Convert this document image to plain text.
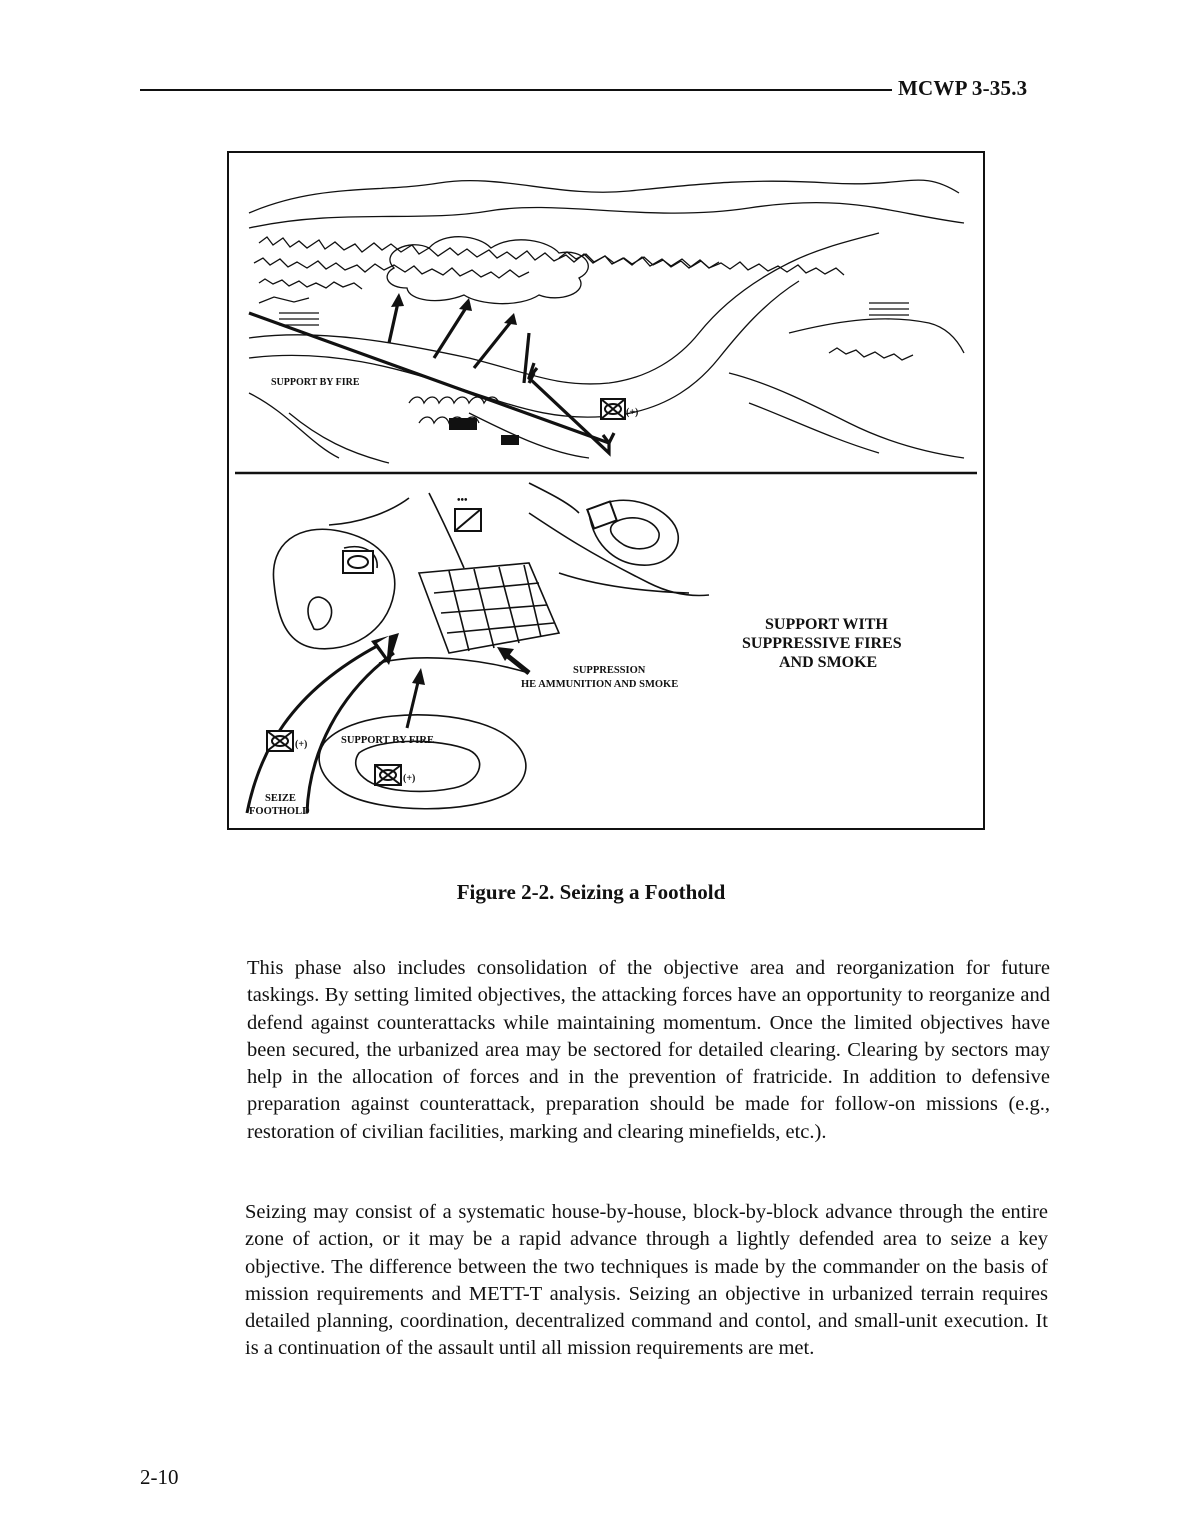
MCWP 3-35.3
(+)
SUPPORT BY FIRE
•••
(+)
(+)
SUPPORT BY FIRE
SUPPRESSION
HE AMMUNITION AND SMOKE
SUPPORT WITH
SUPPRESSIVE FIRES
AND SMOKE
SEIZE
FOOTHOLD
Figure 2-2. Seizing a Foothold
This phase also includes consolidation of the objective area and reorganization for future taskings. By setting limited objectives, the attacking forces have an opportunity to reorganize and defend against counterattacks while maintaining momentum. Once the limited objectives have been secured, the urbanized area may be sectored for detailed clearing. Clearing by sectors may help in the allocation of forces and in the prevention of fratricide. In addition to defensive preparation against counterattack, preparation should be made for follow-on missions (e.g., restoration of civilian facilities, marking and clearing minefields, etc.).
Seizing may consist of a systematic house-by-house, block-by-block advance through the entire zone of action, or it may be a rapid advance through a lightly defended area to seize a key objective. The difference between the two techniques is made by the commander on the basis of mission requirements and METT-T analysis. Seizing an objective in urbanized terrain requires detailed planning, coordination, decentralized command and contol, and small-unit execution. It is a continuation of the assault until all mission requirements are met.
2-10
